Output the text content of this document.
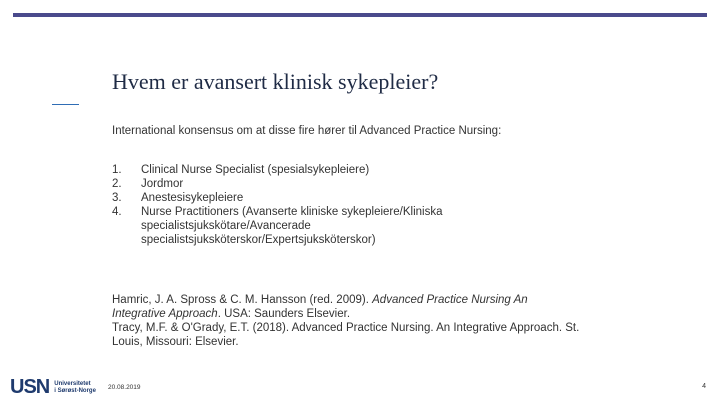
Hvem er avansert klinisk sykepleier?
International konsensus om at disse fire hører til Advanced Practice Nursing:
1.	Clinical Nurse Specialist (spesialsykepleiere)
2.	Jordmor
3.	Anestesisykepleiere
4.	Nurse Practitioners (Avanserte kliniske sykepleiere/Kliniska specialistsjukskötare/Avancerade specialistsjuksköterskor/Expertsjuksköterskor)

Hamric, J. A. Spross & C. M. Hansson (red. 2009). Advanced Practice Nursing An Integrative Approach. USA: Saunders Elsevier.

Tracy, M.F. & O'Grady, E.T. (2018). Advanced Practice Nursing. An Integrative Approach. St. Louis, Missouri: Elsevier.

USN Universitetet
i Sørøst-Norge 20.08.2019	4
